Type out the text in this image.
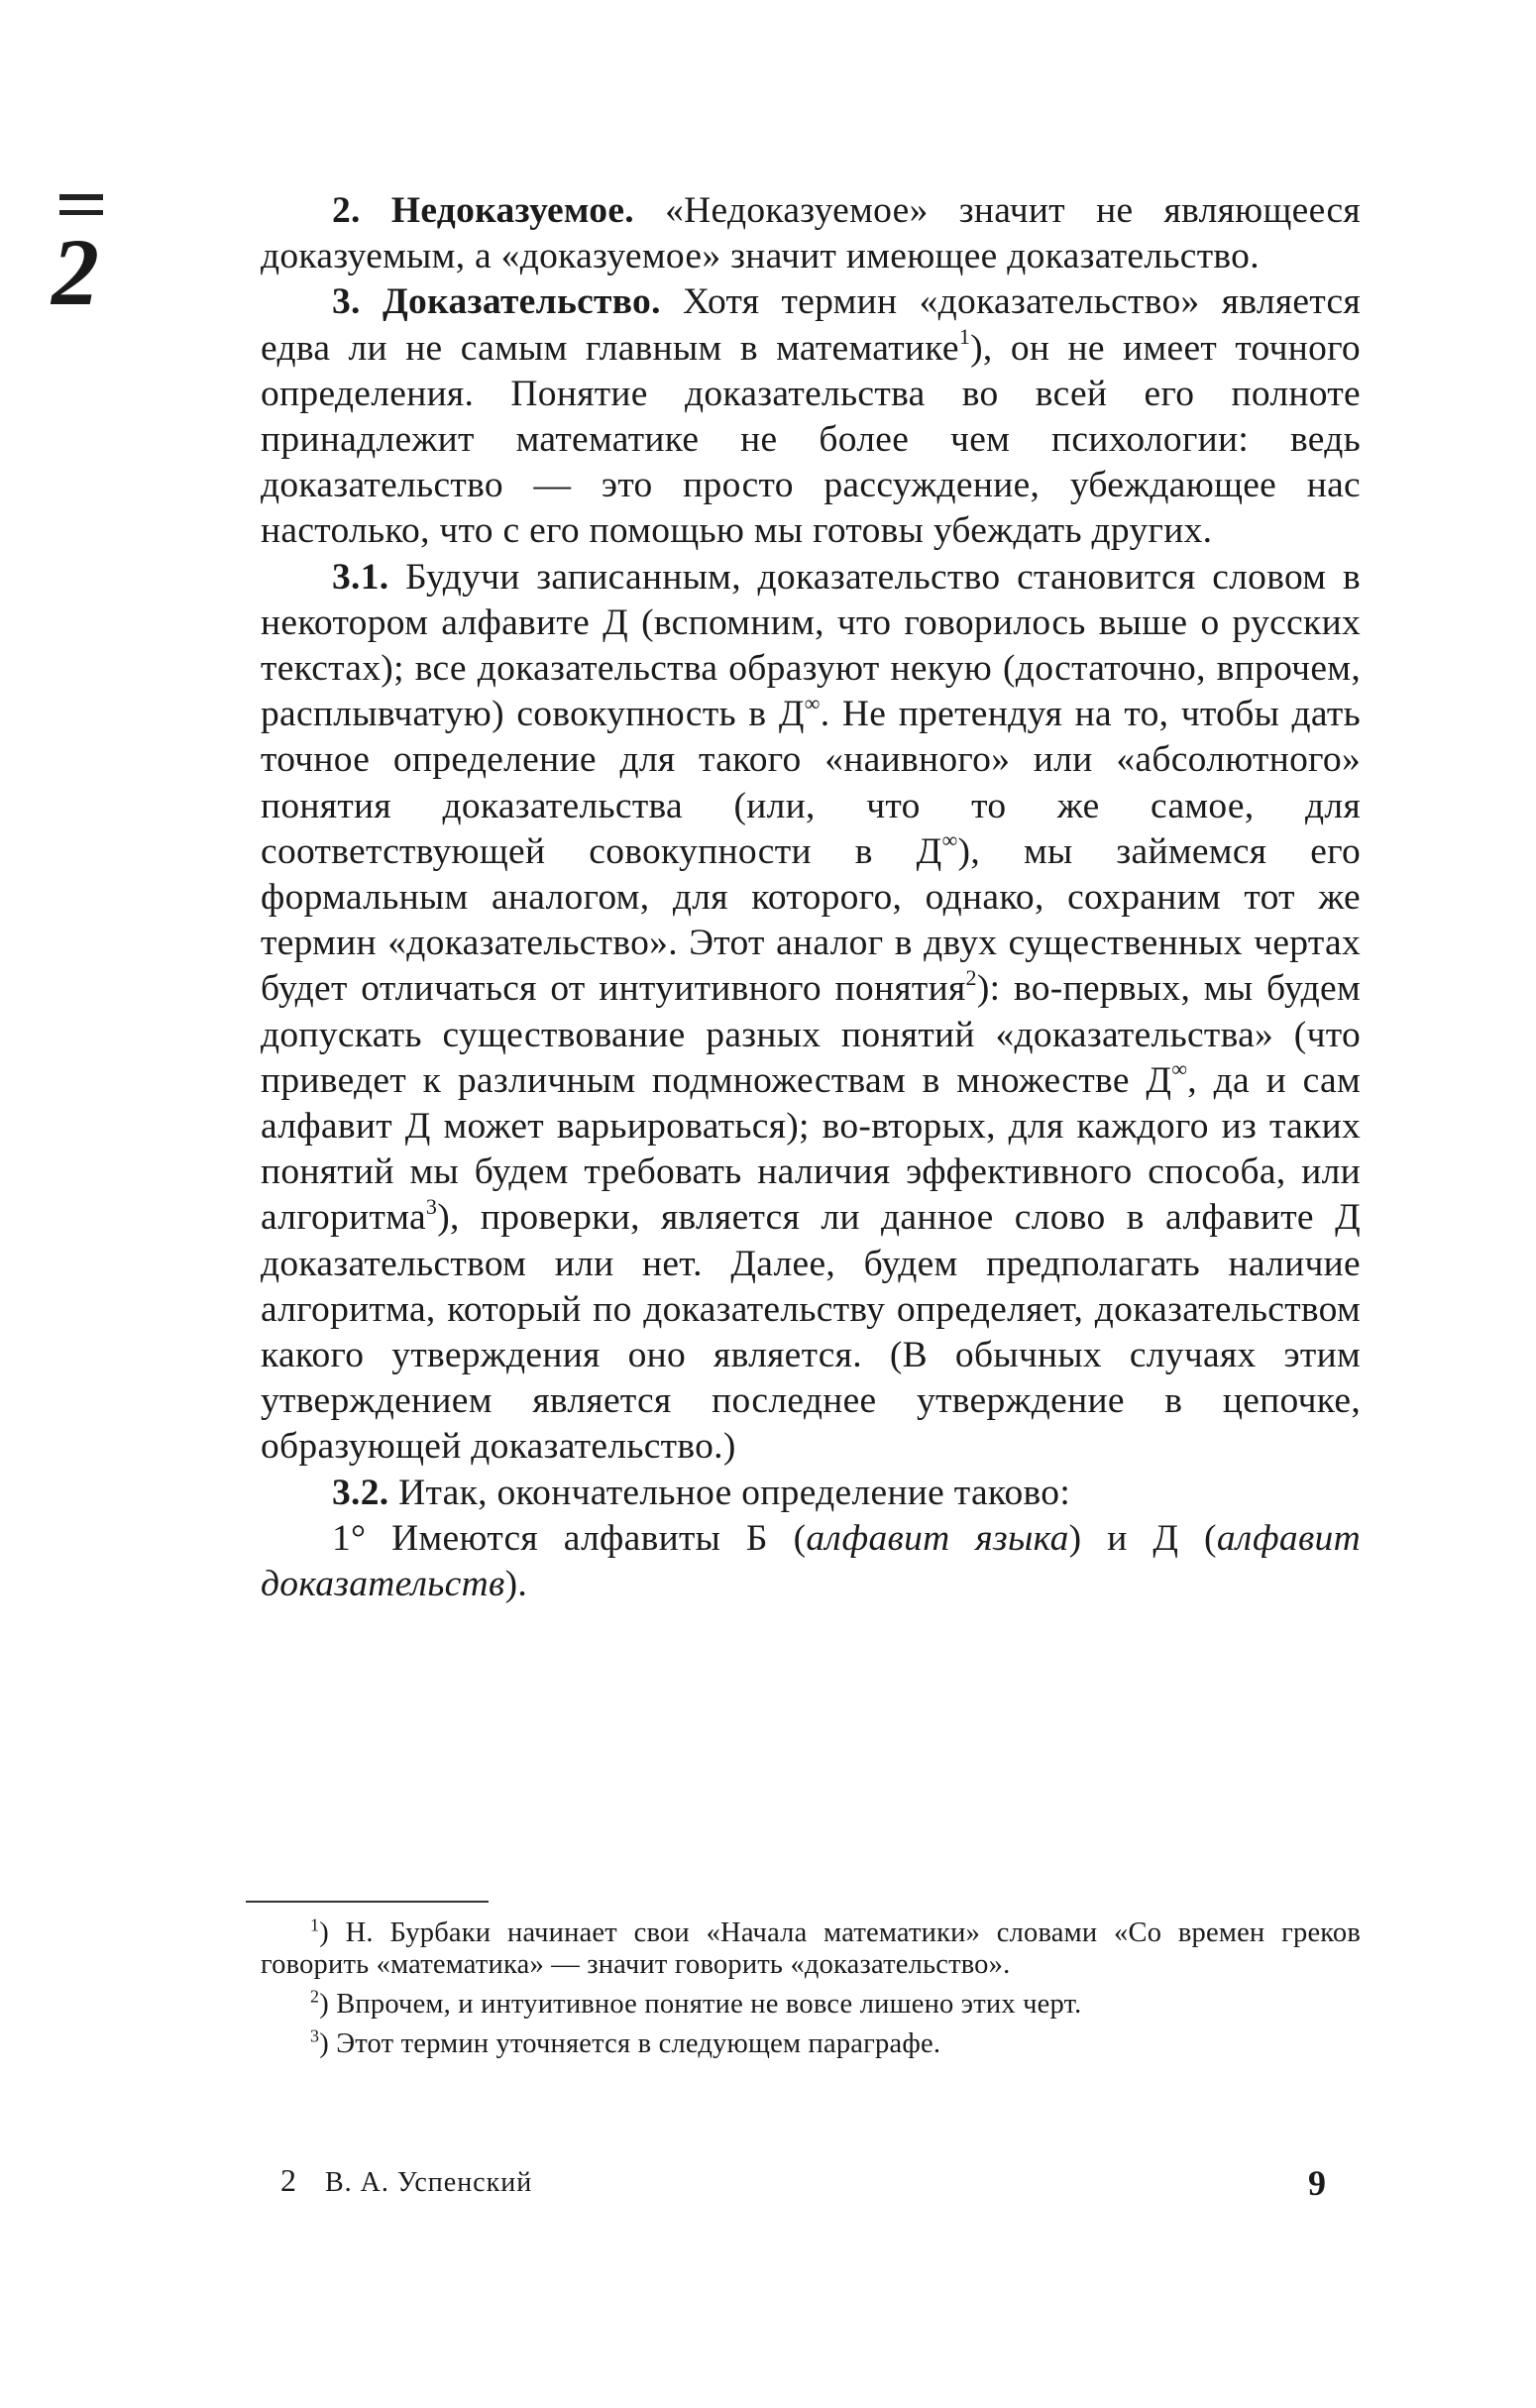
2

2. Недоказуемое. «Недоказуемое» значит не являющееся доказуемым, а «доказуемое» значит имеющее доказательство.

3. Доказательство. Хотя термин «доказательство» является едва ли не самым главным в математике$^1$), он не имеет точного определения. Понятие доказательства во всей его полноте принадлежит математике не более чем психологии: ведь доказательство — это просто рассуждение, убеждающее нас настолько, что с его помощью мы готовы убеждать других.

3.1. Будучи записанным, доказательство становится словом в некотором алфавите Д (вспомним, что говорилось выше о русских текстах); все доказательства образуют некую (достаточно, впрочем, расплывчатую) совокупность в Д∞. Не претендуя на то, чтобы дать точное определение для такого «наивного» или «абсолютного» понятия доказательства (или, что то же самое, для соответствующей совокупности в Д∞), мы займемся его формальным аналогом, для которого, однако, сохраним тот же термин «доказательство». Этот аналог в двух существенных чертах будет отличаться от интуитивного понятия$^2$): во-первых, мы будем допускать существование разных понятий «доказательства» (что приведет к различным подмножествам в множестве Д∞, да и сам алфавит Д может варьироваться); во-вторых, для каждого из таких понятий мы будем требовать наличия эффективного способа, или алгоритма$^3$), проверки, является ли данное слово в алфавите Д доказательством или нет. Далее, будем предполагать наличие алгоритма, который по доказательству определяет, доказательством какого утверждения оно является. (В обычных случаях этим утверждением является последнее утверждение в цепочке, образующей доказательство.)

3.2. Итак, окончательное определение таково:

1° Имеются алфавиты Б (алфавит языка) и Д (алфавит доказательств).

$^1$) Н. Бурбаки начинает свои «Начала математики» словами «Со времен греков говорить «математика» — значит говорить «доказательство».

$^2$) Впрочем, и интуитивное понятие не вовсе лишено этих черт.

$^3$) Этот термин уточняется в следующем параграфе.

2 В. А. Успенский	9
